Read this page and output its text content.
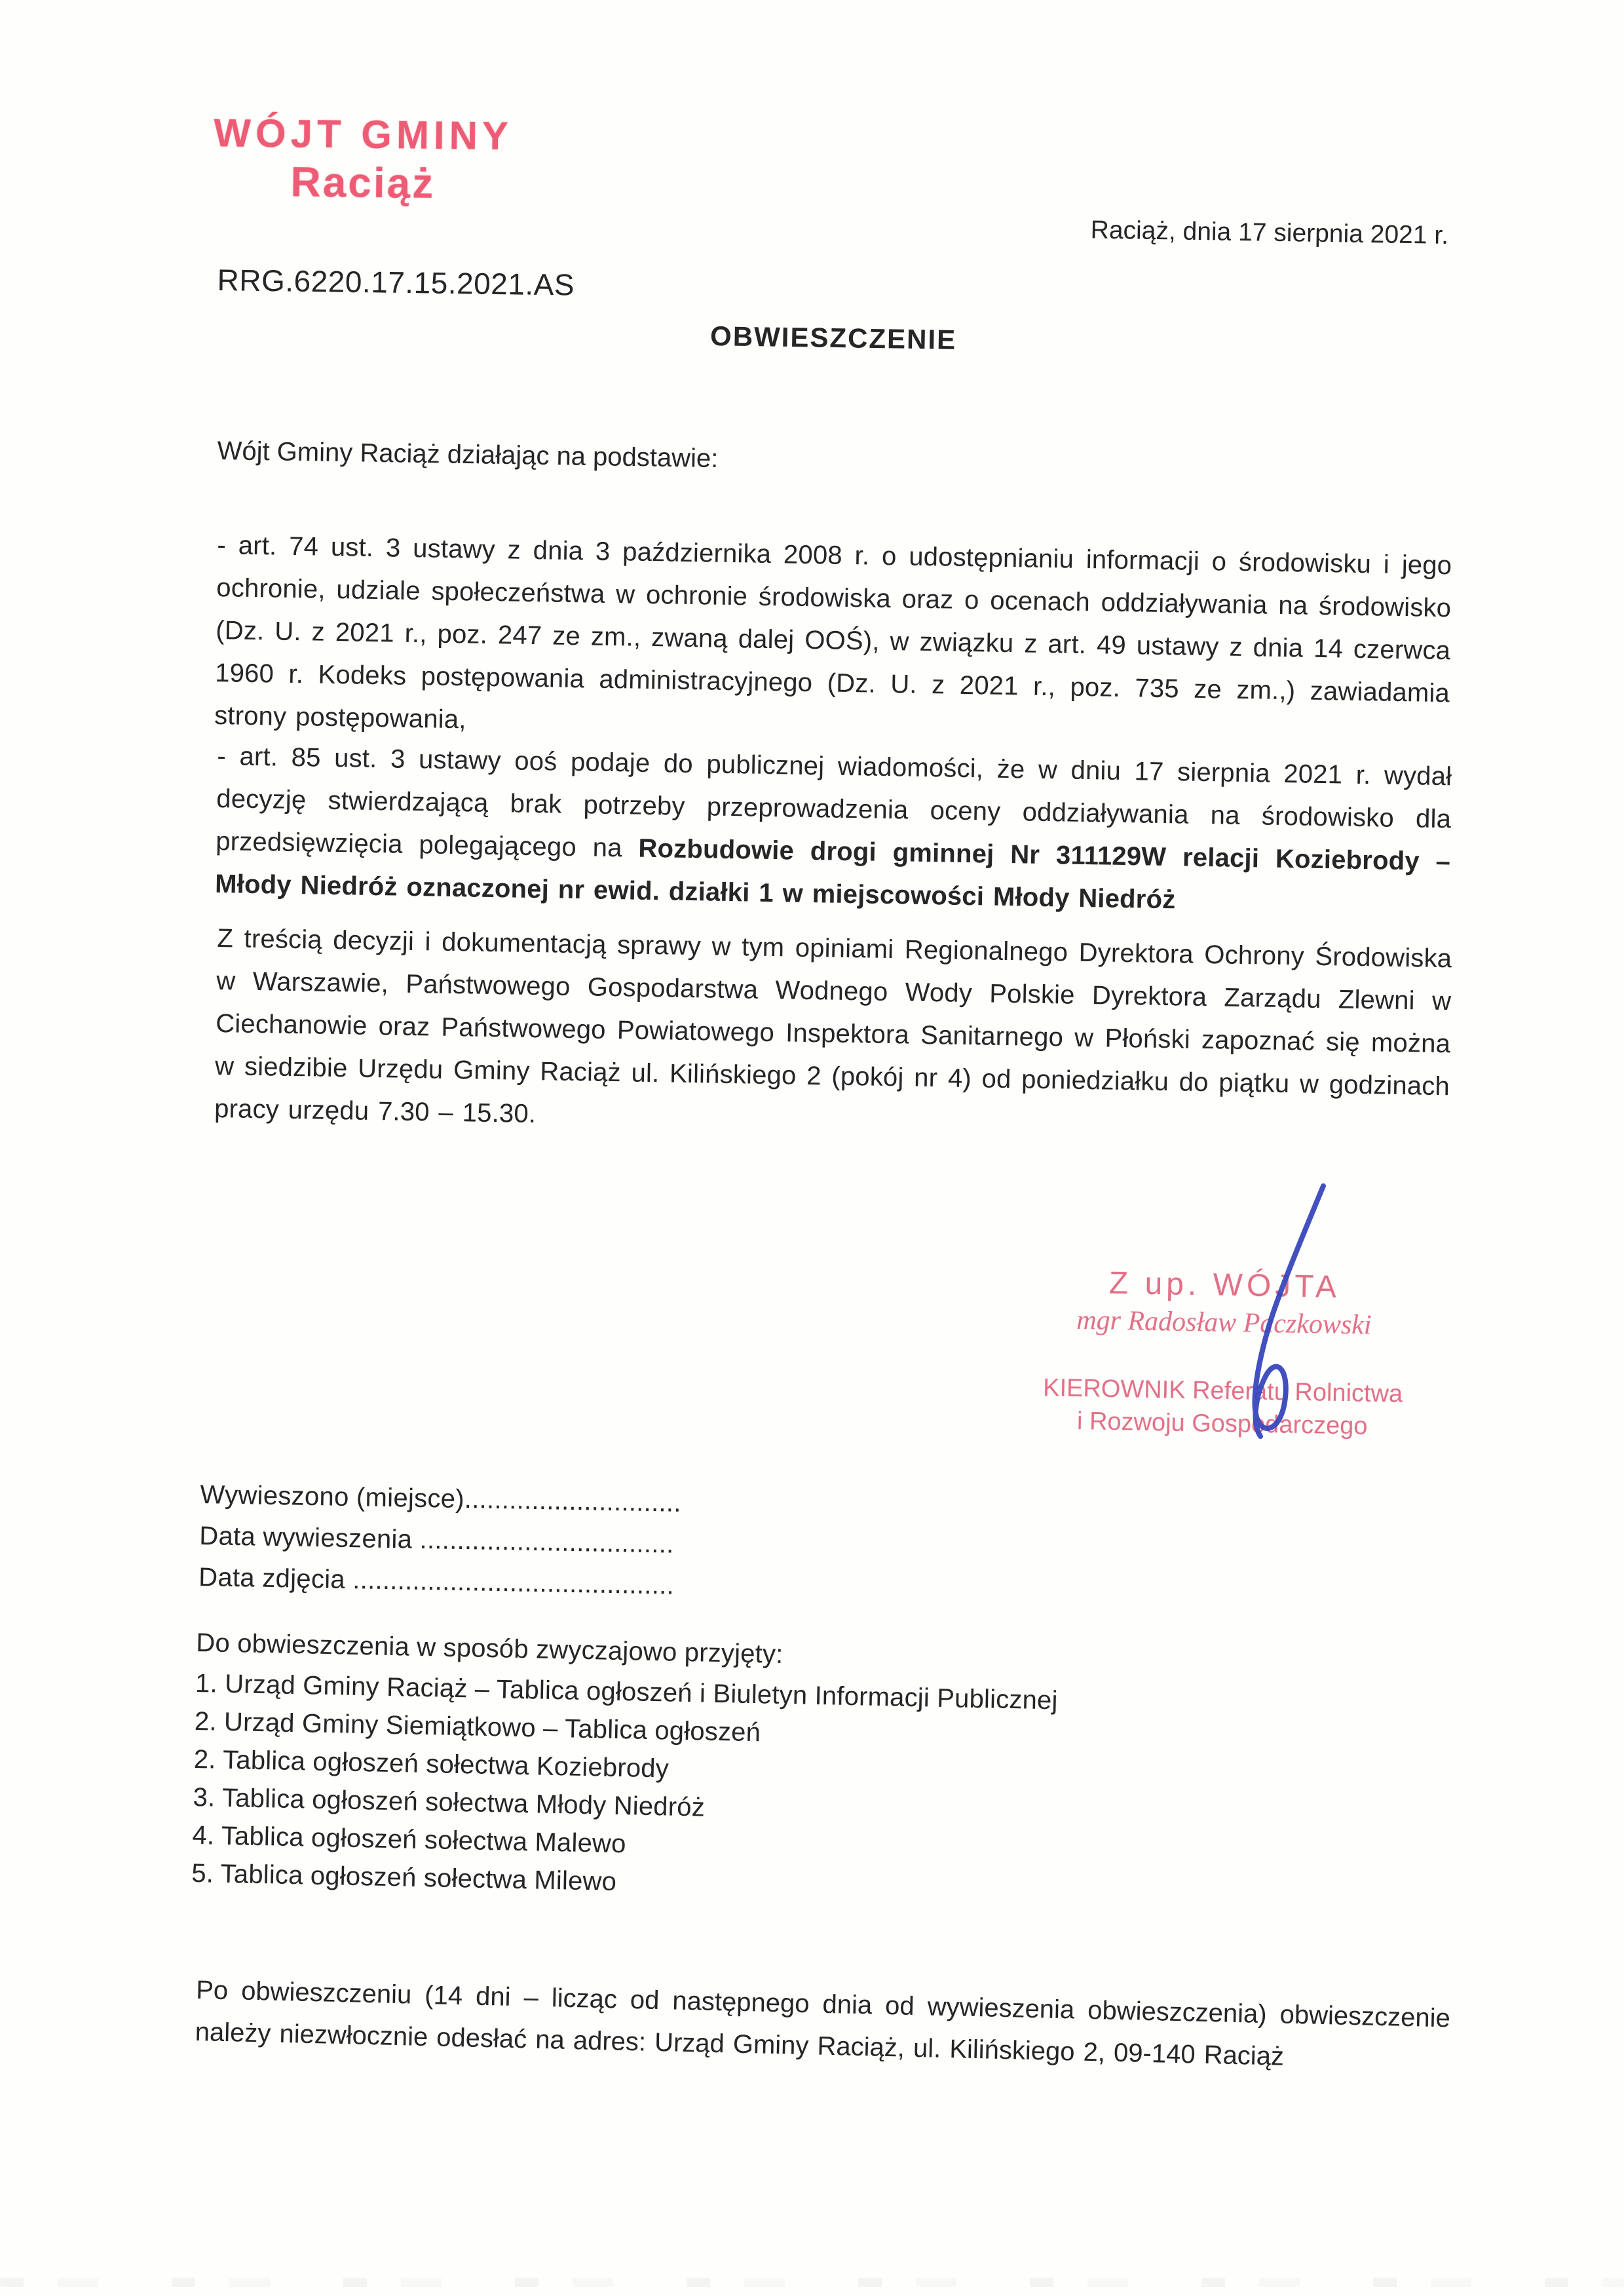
WÓJT GMINY
Raciąż
Raciąż, dnia 17 sierpnia 2021 r.
RRG.6220.17.15.2021.AS
OBWIESZCZENIE
Wójt Gminy Raciąż działając na podstawie:

- art. 74 ust. 3 ustawy z dnia 3 października 2008 r. o udostępnianiu informacji o środowisku i jego ochronie, udziale społeczeństwa w ochronie środowiska oraz o ocenach oddziaływania na środowisko (Dz. U. z 2021 r., poz. 247 ze zm., zwaną dalej OOŚ), w związku z art. 49 ustawy z dnia 14 czerwca 1960 r. Kodeks postępowania administracyjnego (Dz. U. z 2021 r., poz. 735 ze zm.,) zawiadamia strony postępowania,

- art. 85 ust. 3 ustawy ooś podaje do publicznej wiadomości, że w dniu 17 sierpnia 2021 r. wydał decyzję stwierdzającą brak potrzeby przeprowadzenia oceny oddziaływania na środowisko dla przedsięwzięcia polegającego na Rozbudowie drogi gminnej Nr 311129W relacji Koziebrody – Młody Niedróż oznaczonej nr ewid. działki 1 w miejscowości Młody Niedróż

Z treścią decyzji i dokumentacją sprawy w tym opiniami Regionalnego Dyrektora Ochrony Środowiska w Warszawie, Państwowego Gospodarstwa Wodnego Wody Polskie Dyrektora Zarządu Zlewni w Ciechanowie oraz Państwowego Powiatowego Inspektora Sanitarnego w Płoński zapoznać się można w siedzibie Urzędu Gminy Raciąż ul. Kilińskiego 2 (pokój nr 4) od poniedziałku do piątku w godzinach pracy urzędu 7.30 – 15.30.

Z up. WÓJTA
mgr Radosław Paczkowski
KIEROWNIK Referatu Rolnictwa
i Rozwoju Gospodarczego
Wywieszono (miejsce).............................
Data wywieszenia ..................................
Data zdjęcia ...........................................
Do obwieszczenia w sposób zwyczajowo przyjęty:
1. Urząd Gminy Raciąż – Tablica ogłoszeń i Biuletyn Informacji Publicznej
2. Urząd Gminy Siemiątkowo – Tablica ogłoszeń
2. Tablica ogłoszeń sołectwa Koziebrody
3. Tablica ogłoszeń sołectwa Młody Niedróż
4. Tablica ogłoszeń sołectwa Malewo
5. Tablica ogłoszeń sołectwa Milewo

Po obwieszczeniu (14 dni – licząc od następnego dnia od wywieszenia obwieszczenia) obwieszczenie należy niezwłocznie odesłać na adres: Urząd Gminy Raciąż, ul. Kilińskiego 2, 09-140 Raciąż
